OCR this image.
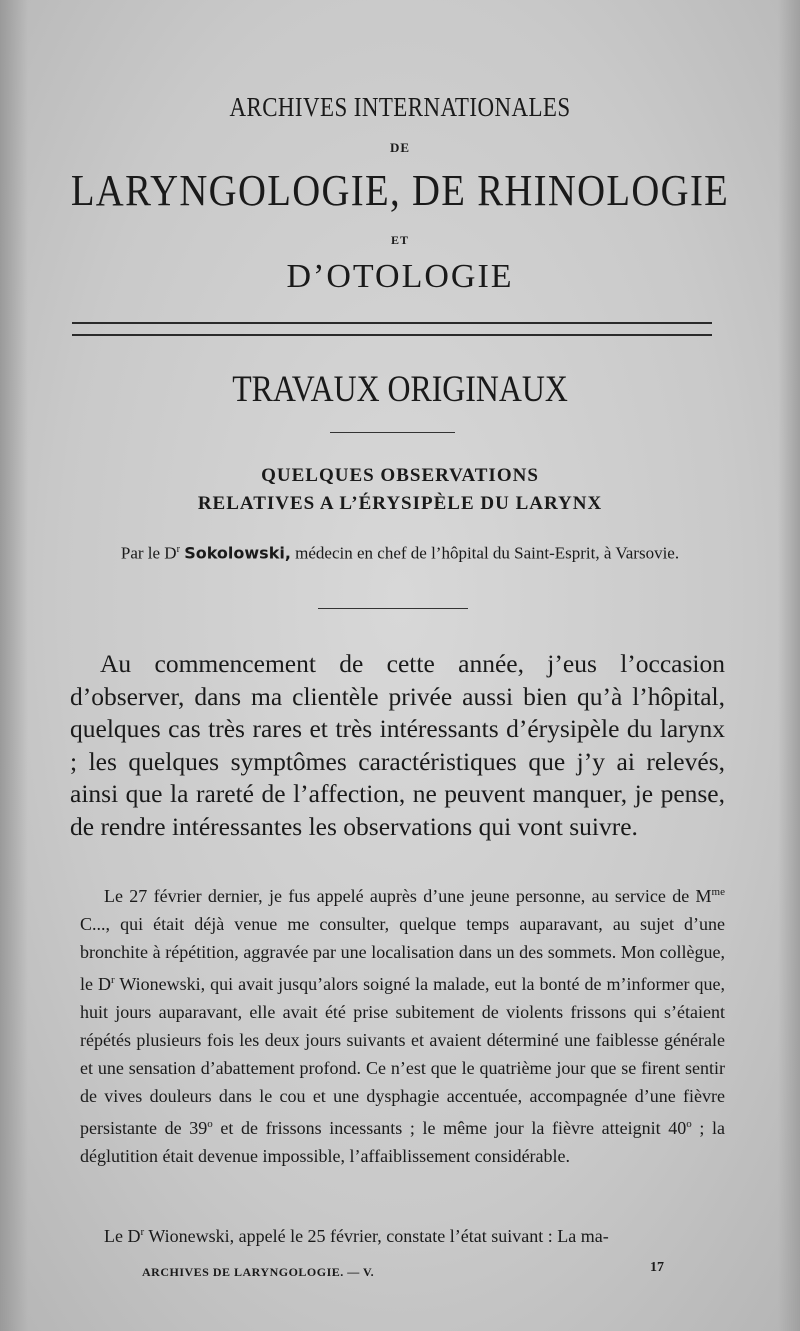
ARCHIVES INTERNATIONALES
DE
LARYNGOLOGIE, DE RHINOLOGIE
ET
D’OTOLOGIE
TRAVAUX ORIGINAUX
QUELQUES OBSERVATIONS
RELATIVES A L’ÉRYSIPÈLE DU LARYNX
Par le $D^r$ Sokolowski, médecin en chef de l’hôpital du Saint-Esprit, à Varsovie.

Au commencement de cette année, j’eus l’occasion d’observer, dans ma clientèle privée aussi bien qu’à l’hôpital, quelques cas très rares et très intéressants d’érysipèle du larynx ; les quelques symptômes caractéristiques que j’y ai relevés, ainsi que la rareté de l’affection, ne peuvent manquer, je pense, de rendre intéressantes les observations qui vont suivre.

Le 27 février dernier, je fus appelé auprès d’une jeune personne, au service de $M^{me}$ C..., qui était déjà venue me consulter, quelque temps auparavant, au sujet d’une bronchite à répétition, aggravée par une localisation dans un des sommets. Mon collègue, le $D^r$ Wionewski, qui avait jusqu’alors soigné la malade, eut la bonté de m’informer que, huit jours auparavant, elle avait été prise subitement de violents frissons qui s’étaient répétés plusieurs fois les deux jours suivants et avaient déterminé une faiblesse générale et une sensation d’abattement profond. Ce n’est que le quatrième jour que se firent sentir de vives douleurs dans le cou et une dysphagie accentuée, accompagnée d’une fièvre persistante de 39$^o$ et de frissons incessants ; le même jour la fièvre atteignit 40$^o$ ; la déglutition était devenue impossible, l’affaiblissement considérable.

Le $D^r$ Wionewski, appelé le 25 février, constate l’état suivant : La ma-

ARCHIVES DE LARYNGOLOGIE. — V.	17
